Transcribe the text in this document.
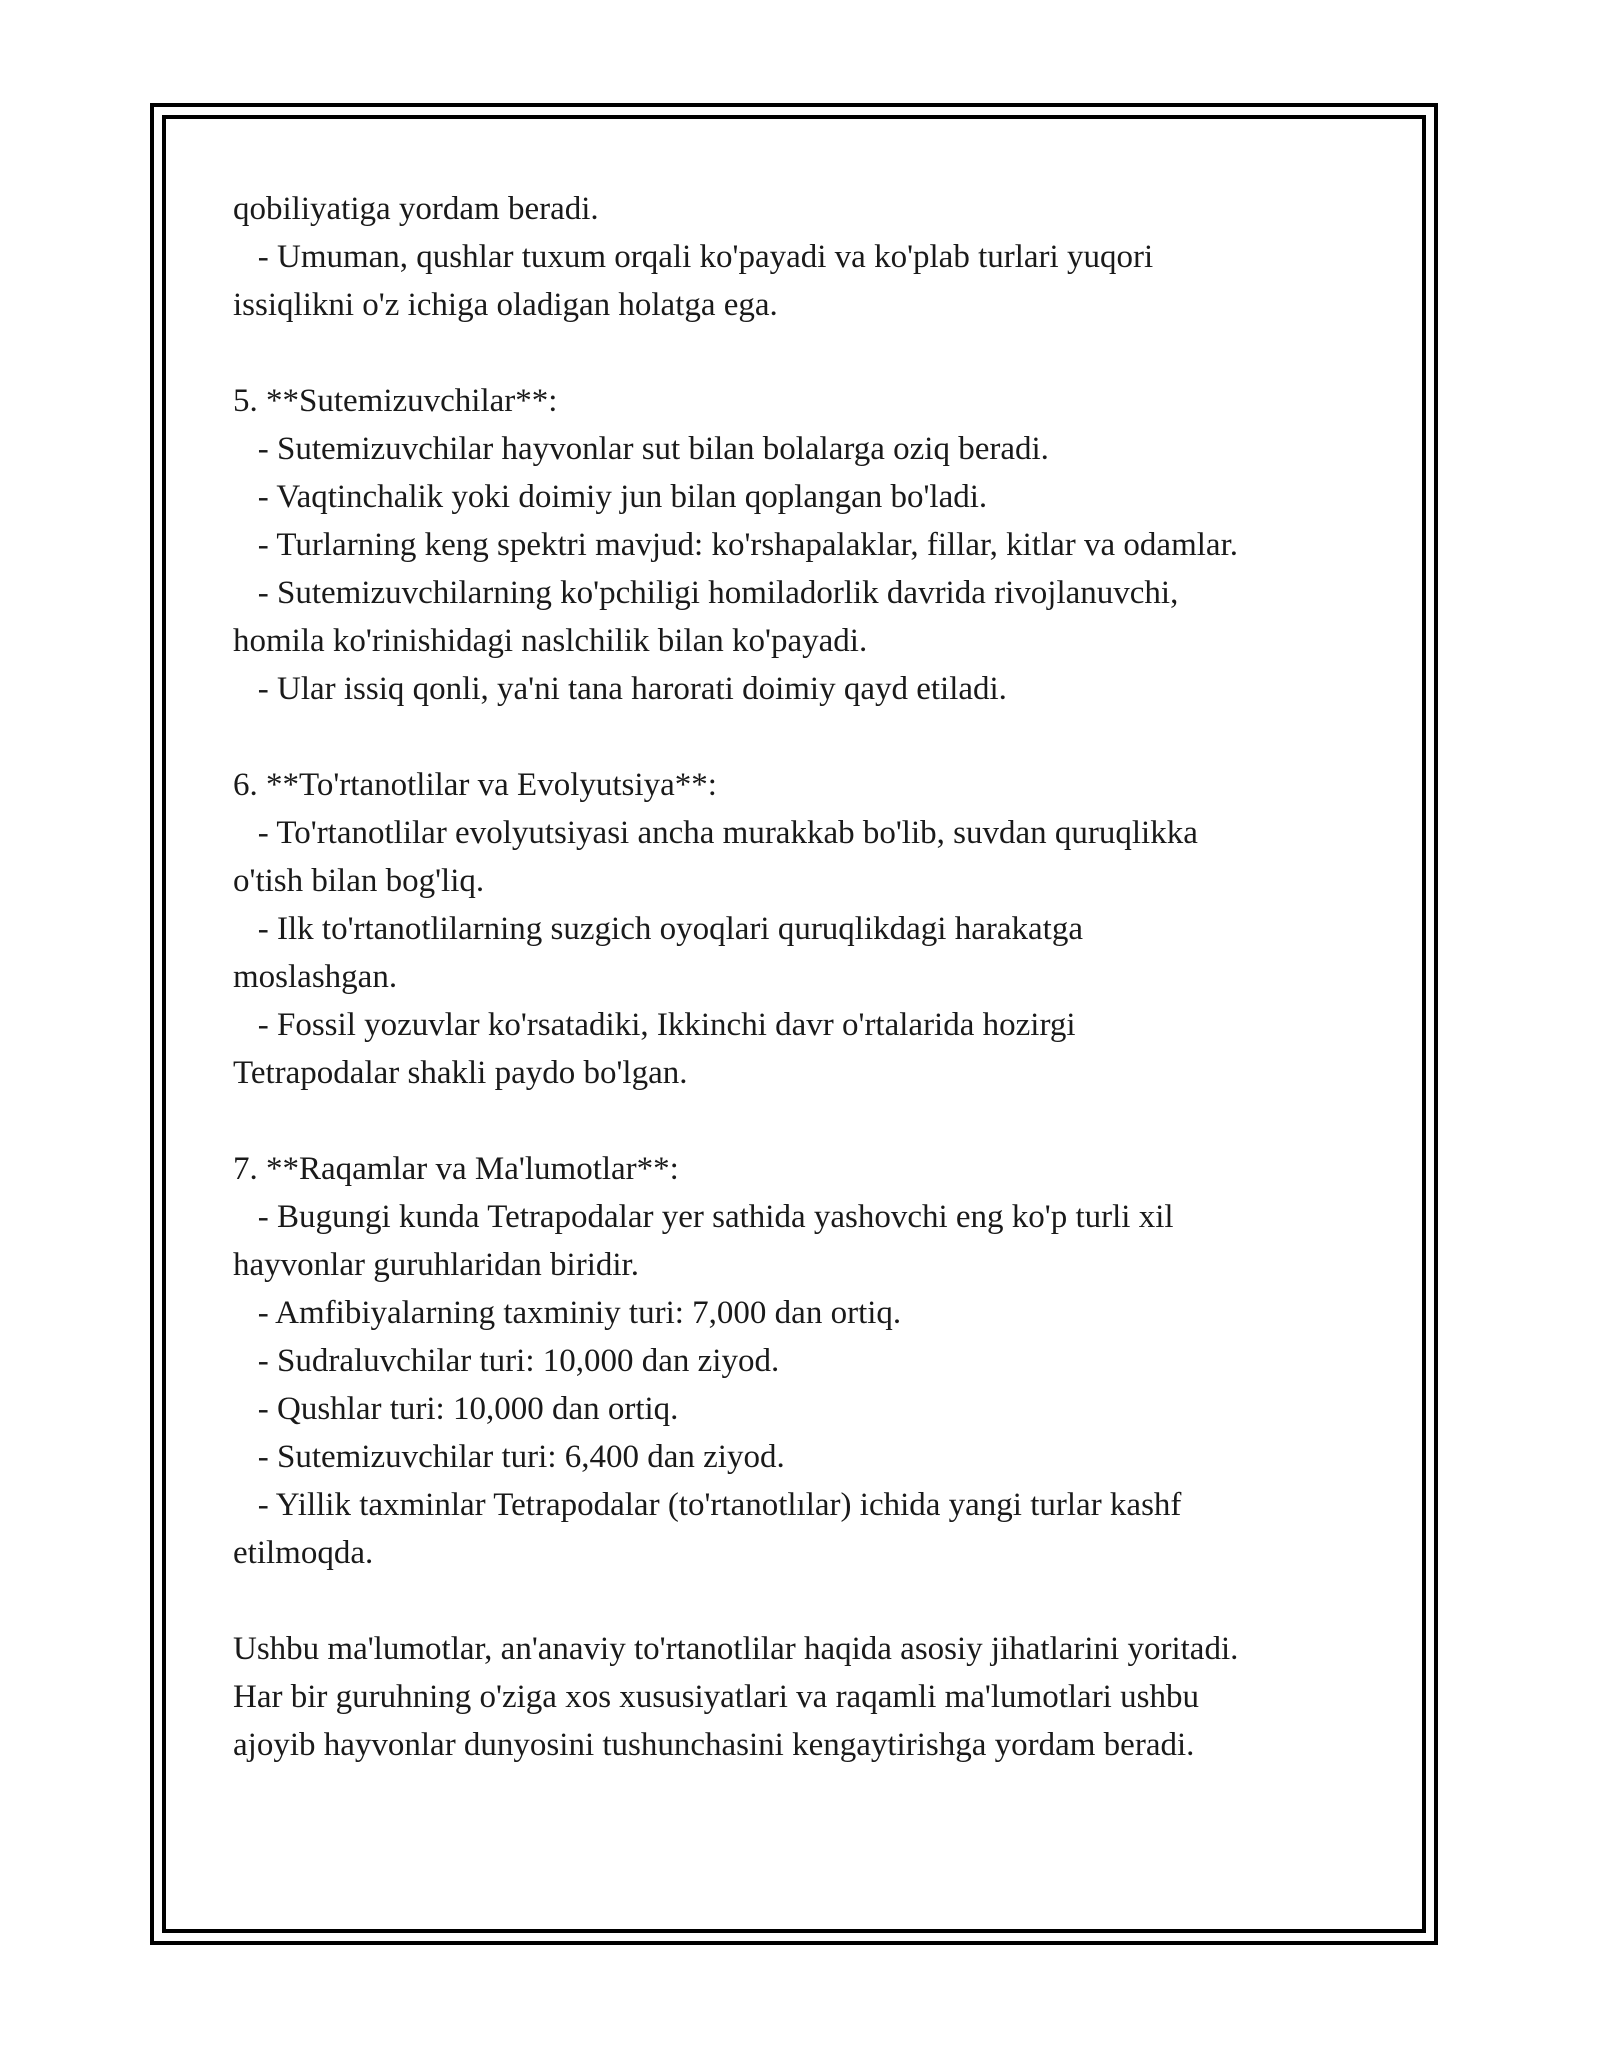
qobiliyatiga yordam beradi.
- Umuman, qushlar tuxum orqali ko'payadi va ko'plab turlari yuqori
issiqlikni o'z ichiga oladigan holatga ega.
5. **Sutemizuvchilar**:
- Sutemizuvchilar hayvonlar sut bilan bolalarga oziq beradi.
- Vaqtinchalik yoki doimiy jun bilan qoplangan bo'ladi.
- Turlarning keng spektri mavjud: ko'rshapalaklar, fillar, kitlar va odamlar.
- Sutemizuvchilarning ko'pchiligi homiladorlik davrida rivojlanuvchi,
homila ko'rinishidagi naslchilik bilan ko'payadi.
- Ular issiq qonli, ya'ni tana harorati doimiy qayd etiladi.
6. **To'rtanotlilar va Evolyutsiya**:
- To'rtanotlilar evolyutsiyasi ancha murakkab bo'lib, suvdan quruqlikka
o'tish bilan bog'liq.
- Ilk to'rtanotlilarning suzgich oyoqlari quruqlikdagi harakatga
moslashgan.
- Fossil yozuvlar ko'rsatadiki, Ikkinchi davr o'rtalarida hozirgi
Tetrapodalar shakli paydo bo'lgan.
7. **Raqamlar va Ma'lumotlar**:
- Bugungi kunda Tetrapodalar yer sathida yashovchi eng ko'p turli xil
hayvonlar guruhlaridan biridir.
- Amfibiyalarning taxminiy turi: 7,000 dan ortiq.
- Sudraluvchilar turi: 10,000 dan ziyod.
- Qushlar turi: 10,000 dan ortiq.
- Sutemizuvchilar turi: 6,400 dan ziyod.
- Yillik taxminlar Tetrapodalar (to'rtanotlılar) ichida yangi turlar kashf
etilmoqda.
Ushbu ma'lumotlar, an'anaviy to'rtanotlilar haqida asosiy jihatlarini yoritadi.
Har bir guruhning o'ziga xos xususiyatlari va raqamli ma'lumotlari ushbu
ajoyib hayvonlar dunyosini tushunchasini kengaytirishga yordam beradi.
